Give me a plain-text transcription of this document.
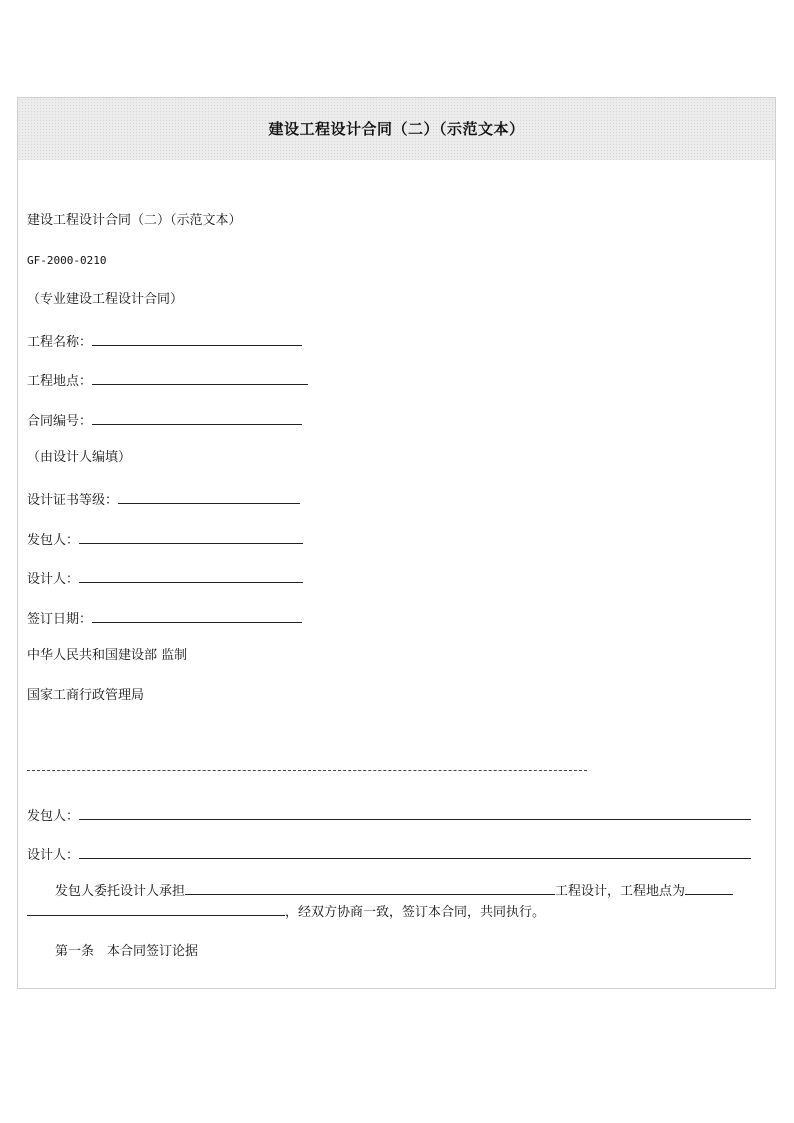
建设工程设计合同（二）（示范文本）
建设工程设计合同（二）（示范文本）
GF-2000-0210
（专业建设工程设计合同）
工程名称：
工程地点：
合同编号：
（由设计人编填）
设计证书等级：
发包人：
设计人：
签订日期：
中华人民共和国建设部 监制
国家工商行政管理局
发包人：
设计人：
发包人委托设计人承担	工程设计，工程地点为
，经双方协商一致，签订本合同，共同执行。
第一条　本合同签订论据
